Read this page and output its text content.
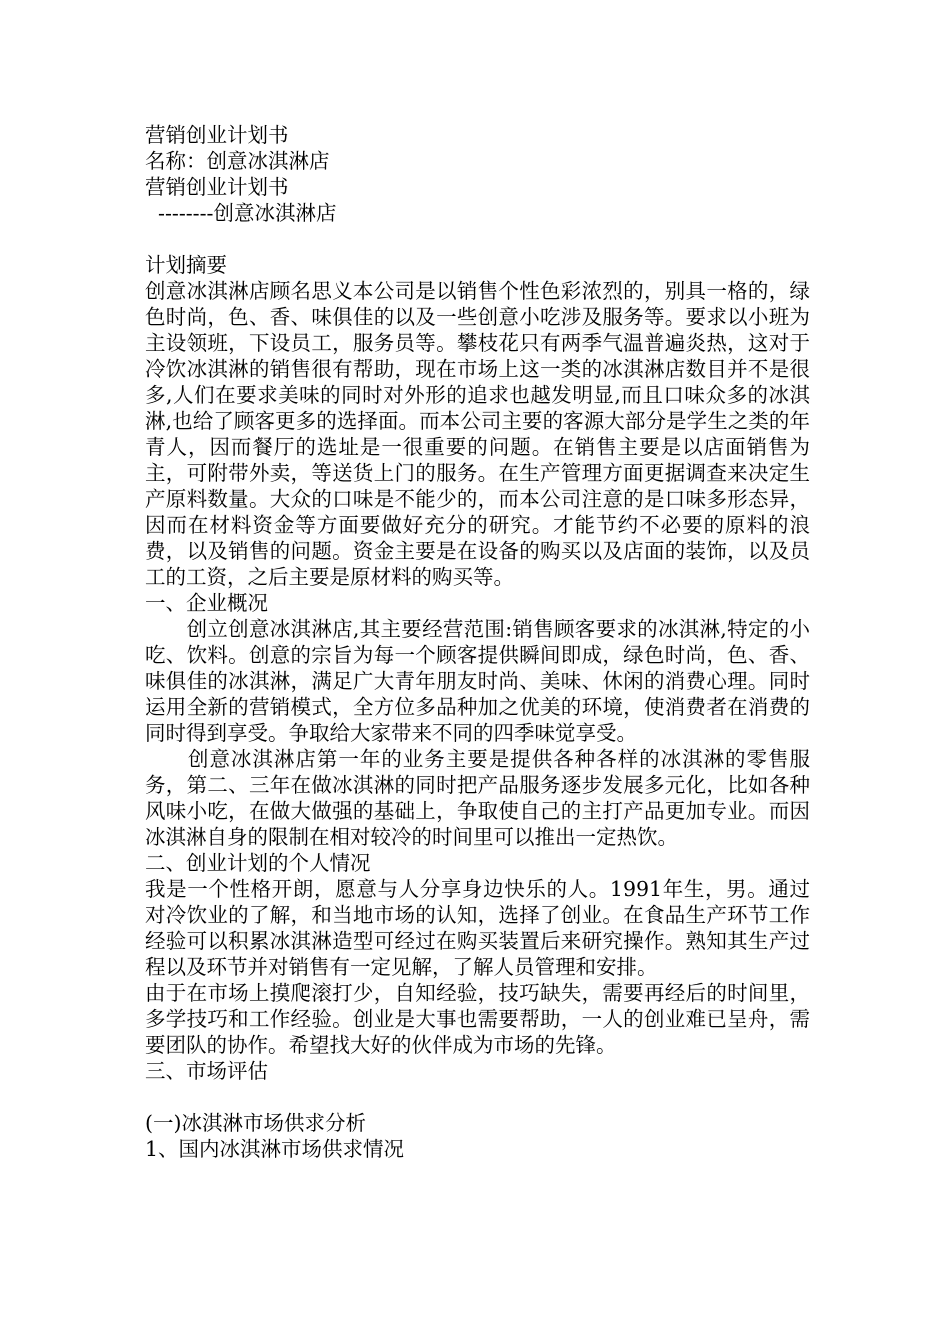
营销创业计划书
名称：创意冰淇淋店
营销创业计划书
--------创意冰淇淋店
计划摘要

创意冰淇淋店顾名思义本公司是以销售个性色彩浓烈的，别具一格的，绿色时尚，色、香、味俱佳的以及一些创意小吃涉及服务等。要求以小班为主设领班，下设员工，服务员等。攀枝花只有两季气温普遍炎热，这对于冷饮冰淇淋的销售很有帮助，现在市场上这一类的冰淇淋店数目并不是很多,人们在要求美味的同时对外形的追求也越发明显,而且口味众多的冰淇淋,也给了顾客更多的选择面。而本公司主要的客源大部分是学生之类的年青人，因而餐厅的选址是一很重要的问题。在销售主要是以店面销售为主，可附带外卖，等送货上门的服务。在生产管理方面更据调查来决定生产原料数量。大众的口味是不能少的，而本公司注意的是口味多形态异，因而在材料资金等方面要做好充分的研究。才能节约不必要的原料的浪费，以及销售的问题。资金主要是在设备的购买以及店面的装饰，以及员工的工资，之后主要是原材料的购买等。

一、企业概况

　　创立创意冰淇淋店,其主要经营范围:销售顾客要求的冰淇淋,特定的小吃、饮料。创意的宗旨为每一个顾客提供瞬间即成，绿色时尚，色、香、味俱佳的冰淇淋，满足广大青年朋友时尚、美味、休闲的消费心理。同时运用全新的营销模式，全方位多品种加之优美的环境，使消费者在消费的同时得到享受。争取给大家带来不同的四季味觉享受。

　　创意冰淇淋店第一年的业务主要是提供各种各样的冰淇淋的零售服务，第二、三年在做冰淇淋的同时把产品服务逐步发展多元化，比如各种风味小吃，在做大做强的基础上，争取使自己的主打产品更加专业。而因冰淇淋自身的限制在相对较冷的时间里可以推出一定热饮。

二、创业计划的个人情况

我是一个性格开朗，愿意与人分享身边快乐的人。1991年生，男。通过对冷饮业的了解，和当地市场的认知，选择了创业。在食品生产环节工作经验可以积累冰淇淋造型可经过在购买装置后来研究操作。熟知其生产过程以及环节并对销售有一定见解，了解人员管理和安排。

由于在市场上摸爬滚打少，自知经验，技巧缺失，需要再经后的时间里，多学技巧和工作经验。创业是大事也需要帮助，一人的创业难已呈舟，需要团队的协作。希望找大好的伙伴成为市场的先锋。

三、市场评估
(一)冰淇淋市场供求分析
1、国内冰淇淋市场供求情况
